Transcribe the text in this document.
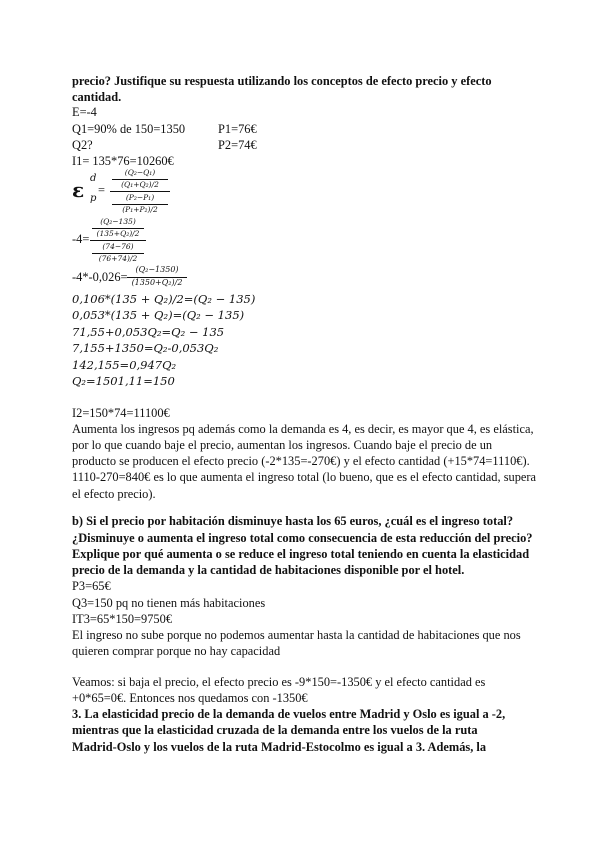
precio? Justifique su respuesta utilizando los conceptos de efecto precio y efecto
cantidad.
E=-4
Q1=90% de 150=1350	P1=76€
Q2?	P2=74€
I1= 135*76=10260€
ε d
p
=
(Q₂−Q₁)
(Q₁+Q₂)/2
(P₂−P₁)
(P₁+P₂)/2
-4=
(Q₂−135)
(135+Q₂)/2
(74−76)
(76+74)/2
-4*-0,026=
(Q₂−1350)
(1350+Q₂)/2
0,106*(135 + Q₂)/2=(Q₂ − 135)
0,053*(135 + Q₂)=(Q₂ − 135)
71,55+0,053Q₂=Q₂ − 135
7,155+1350=Q₂-0,053Q₂
142,155=0,947Q₂
Q₂=1501,11=150
I2=150*74=11100€
Aumenta los ingresos pq además como la demanda es 4, es decir, es mayor que 4, es elástica,
por lo que cuando baje el precio, aumentan los ingresos. Cuando baje el precio de un
producto se producen el efecto precio (-2*135=-270€) y el efecto cantidad (+15*74=1110€).
1110-270=840€ es lo que aumenta el ingreso total (lo bueno, que es el efecto cantidad, supera
el efecto precio).
b) Si el precio por habitación disminuye hasta los 65 euros, ¿cuál es el ingreso total?
¿Disminuye o aumenta el ingreso total como consecuencia de esta reducción del precio?
Explique por qué aumenta o se reduce el ingreso total teniendo en cuenta la elasticidad
precio de la demanda y la cantidad de habitaciones disponible por el hotel.
P3=65€
Q3=150 pq no tienen más habitaciones
IT3=65*150=9750€
El ingreso no sube porque no podemos aumentar hasta la cantidad de habitaciones que nos
quieren comprar porque no hay capacidad
Veamos: si baja el precio, el efecto precio es -9*150=-1350€ y el efecto cantidad es
+0*65=0€. Entonces nos quedamos con -1350€
3. La elasticidad precio de la demanda de vuelos entre Madrid y Oslo es igual a -2,
mientras que la elasticidad cruzada de la demanda entre los vuelos de la ruta
Madrid-Oslo y los vuelos de la ruta Madrid-Estocolmo es igual a 3. Además, la
